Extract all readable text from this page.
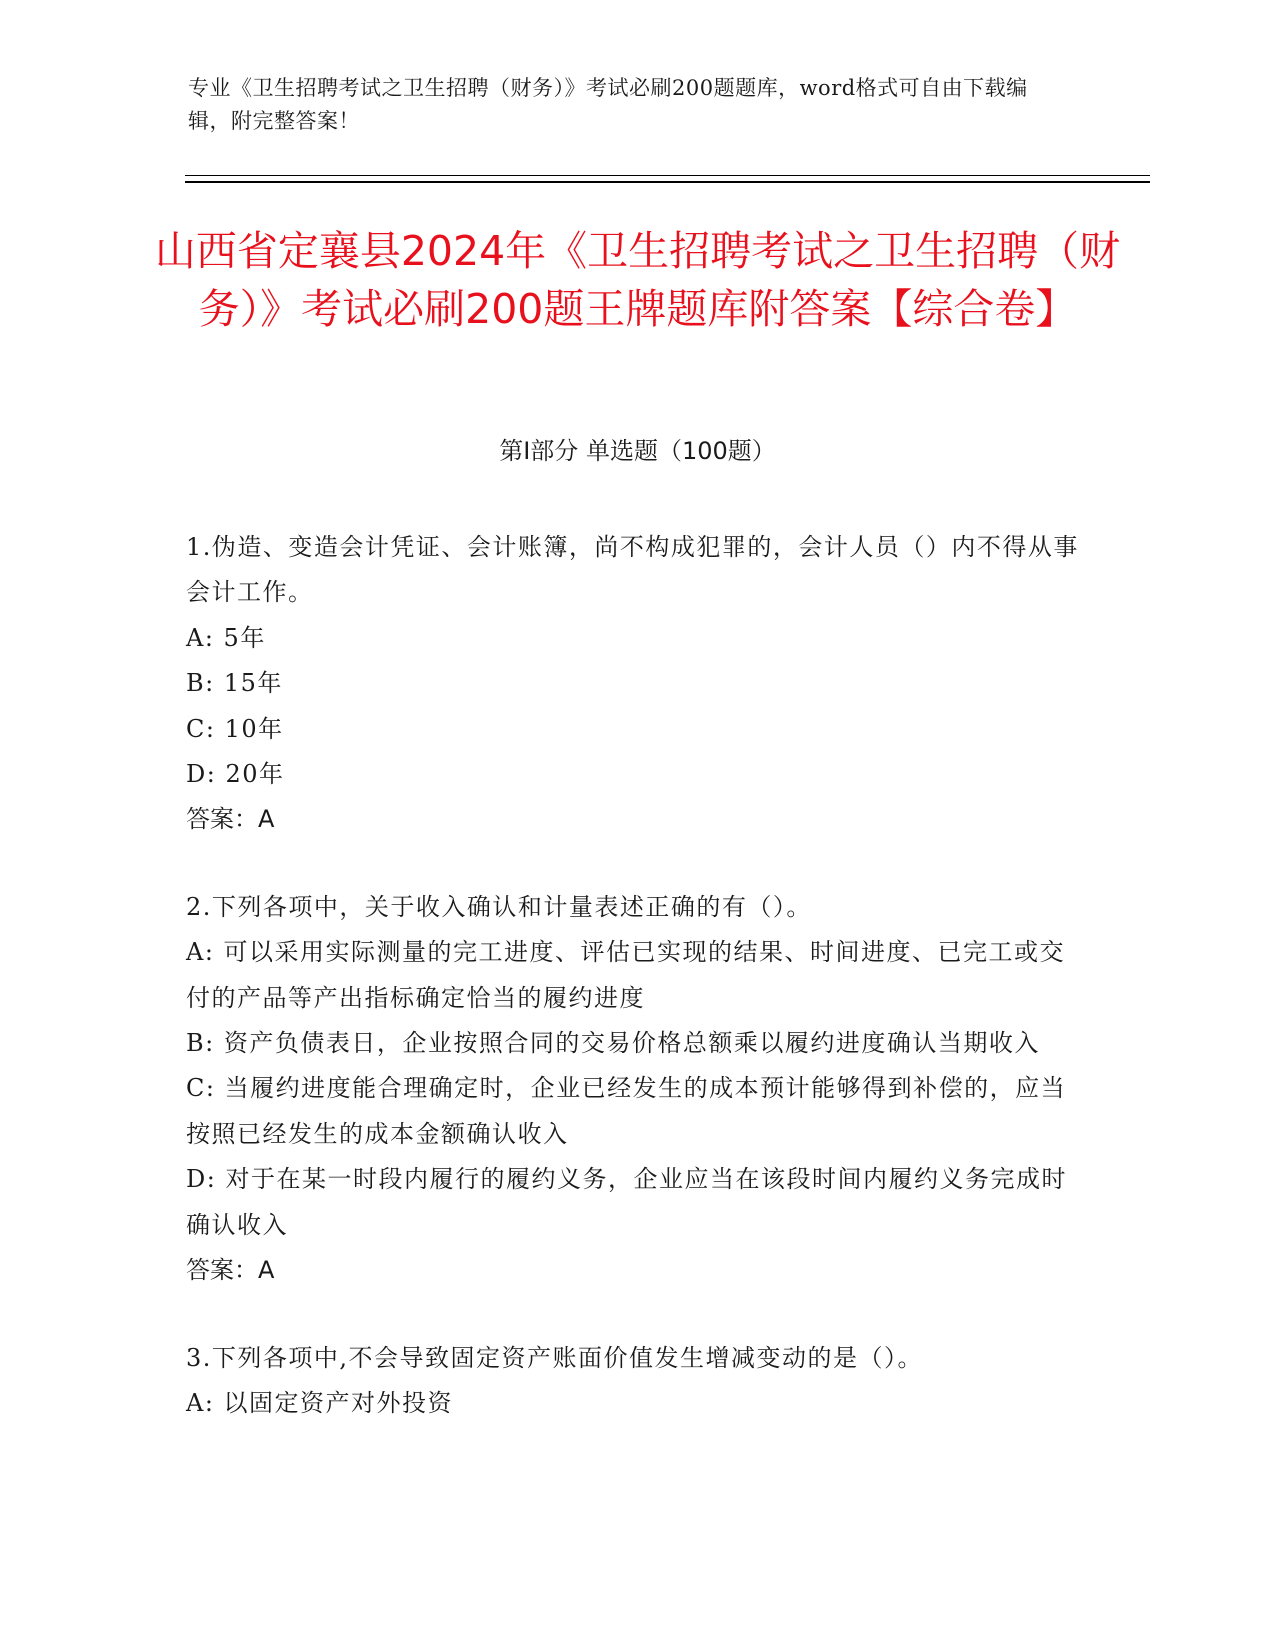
专业《卫生招聘考试之卫生招聘（财务）》考试必刷200题题库，word格式可自由下载编辑，附完整答案！
山西省定襄县2024年《卫生招聘考试之卫生招聘（财务）》考试必刷200题王牌题库附答案【综合卷】
第Ⅰ部分 单选题（100题）
1.伪造、变造会计凭证、会计账簿，尚不构成犯罪的，会计人员（）内不得从事会计工作。
A: 5年
B: 15年
C: 10年
D: 20年
答案：A
2.下列各项中，关于收入确认和计量表述正确的有（）。
A: 可以采用实际测量的完工进度、评估已实现的结果、时间进度、已完工或交付的产品等产出指标确定恰当的履约进度
B: 资产负债表日，企业按照合同的交易价格总额乘以履约进度确认当期收入
C: 当履约进度能合理确定时，企业已经发生的成本预计能够得到补偿的，应当按照已经发生的成本金额确认收入
D: 对于在某一时段内履行的履约义务，企业应当在该段时间内履约义务完成时确认收入
答案：A
3.下列各项中,不会导致固定资产账面价值发生增减变动的是（）。
A: 以固定资产对外投资
